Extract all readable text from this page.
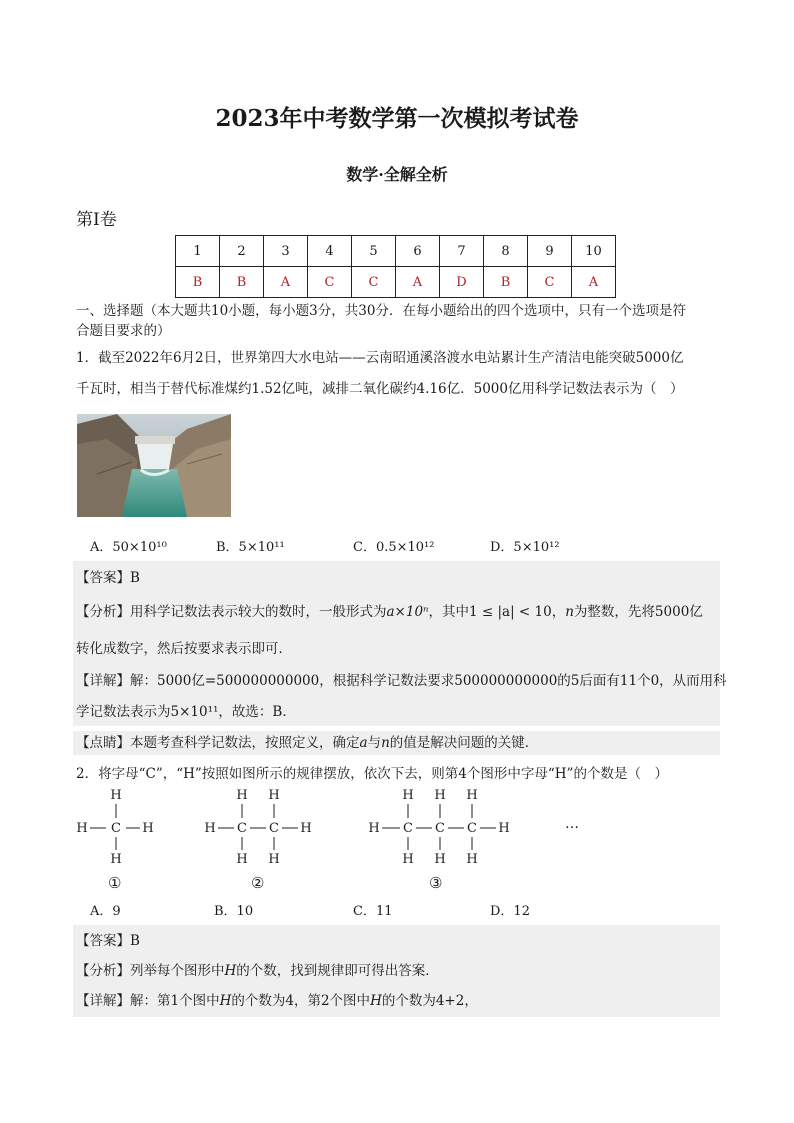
2023年中考数学第一次模拟考试卷
数学·全解全析
第Ⅰ卷
1	2	3	4	5	6	7	8	9	10
B	B	A	C	C	A	D	B	C	A
一、选择题（本大题共10小题，每小题3分，共30分．在每小题给出的四个选项中，只有一个选项是符
合题目要求的）
1．截至2022年6月2日，世界第四大水电站——云南昭通溪洛渡水电站累计生产清洁电能突破5000亿
千瓦时，相当于替代标准煤约1.52亿吨，减排二氧化碳约4.16亿．5000亿用科学记数法表示为（　）
A．50×10¹⁰	B．5×10¹¹	C．0.5×10¹²	D．5×10¹²
【答案】B
【分析】用科学记数法表示较大的数时，一般形式为a×10ⁿ，其中1 ≤ |a| < 10，n为整数，先将5000亿
转化成数字，然后按要求表示即可．
【详解】解：5000亿=500000000000，根据科学记数法要求500000000000的5后面有11个0，从而用科
学记数法表示为5×10¹¹，故选：B．
【点睛】本题考查科学记数法，按照定义，确定a与n的值是解决问题的关键．
2．将字母“C”，“H”按照如图所示的规律摆放，依次下去，则第4个图形中字母“H”的个数是（　）
H
H C H
H
H H
H C C H
H H
H H H
H C C C H
H H H
…
①	②	③
A．9	B．10	C．11	D．12
【答案】B
【分析】列举每个图形中H的个数，找到规律即可得出答案．
【详解】解：第1个图中H的个数为4，第2个图中H的个数为4+2，
